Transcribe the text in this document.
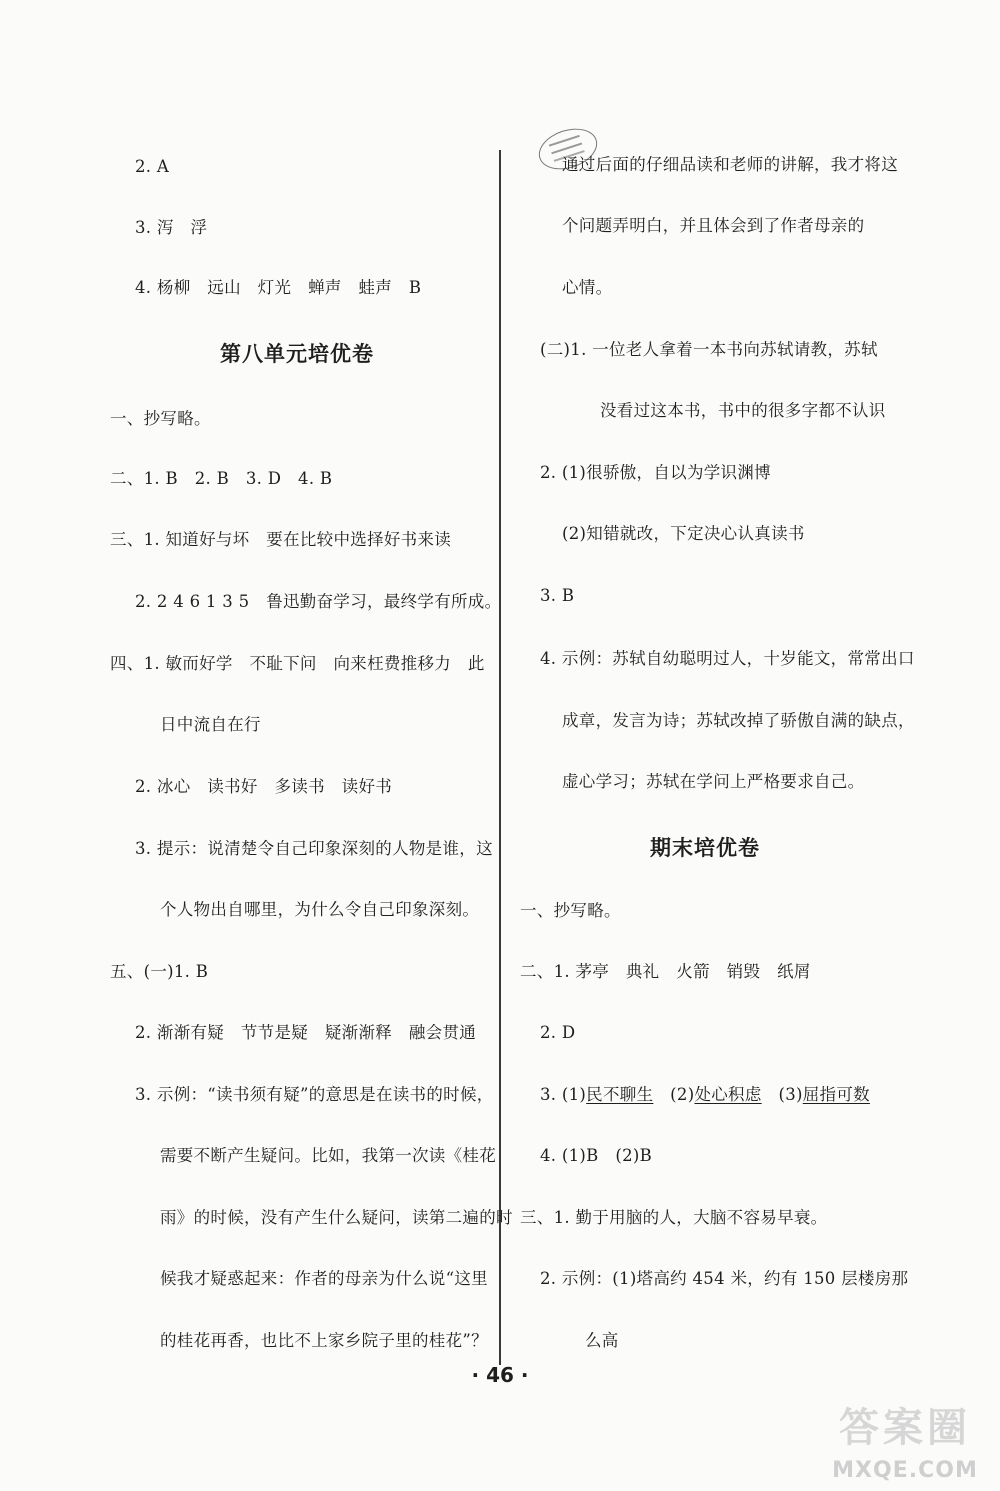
2. A
3. 泻　浮
4. 杨柳　远山　灯光　蝉声　蛙声　B
第八单元培优卷
一、抄写略。
二、1. B　2. B　3. D　4. B
三、1. 知道好与坏　要在比较中选择好书来读
2. 2 4 6 1 3 5　鲁迅勤奋学习，最终学有所成。
四、1. 敏而好学　不耻下问　向来枉费推移力　此
日中流自在行
2. 冰心　读书好　多读书　读好书
3. 提示：说清楚令自己印象深刻的人物是谁，这
个人物出自哪里，为什么令自己印象深刻。
五、(一)1. B
2. 渐渐有疑　节节是疑　疑渐渐释　融会贯通
3. 示例：“读书须有疑”的意思是在读书的时候，
需要不断产生疑问。比如，我第一次读《桂花
雨》的时候，没有产生什么疑问，读第二遍的时
候我才疑惑起来：作者的母亲为什么说“这里
的桂花再香，也比不上家乡院子里的桂花”？
通过后面的仔细品读和老师的讲解，我才将这
个问题弄明白，并且体会到了作者母亲的
心情。
(二)1. 一位老人拿着一本书向苏轼请教，苏轼
没看过这本书，书中的很多字都不认识
2. (1)很骄傲，自以为学识渊博
(2)知错就改，下定决心认真读书
3. B
4. 示例：苏轼自幼聪明过人，十岁能文，常常出口
成章，发言为诗；苏轼改掉了骄傲自满的缺点，
虚心学习；苏轼在学问上严格要求自己。
期末培优卷
一、抄写略。
二、1. 茅亭　典礼　火箭　销毁　纸屑
2. D
3. (1)民不聊生　(2)处心积虑　(3)屈指可数
4. (1)B　(2)B
三、1. 勤于用脑的人，大脑不容易早衰。
2. 示例：(1)塔高约 454 米，约有 150 层楼房那
么高
· 46 ·
答案圈
MXQE.COM
